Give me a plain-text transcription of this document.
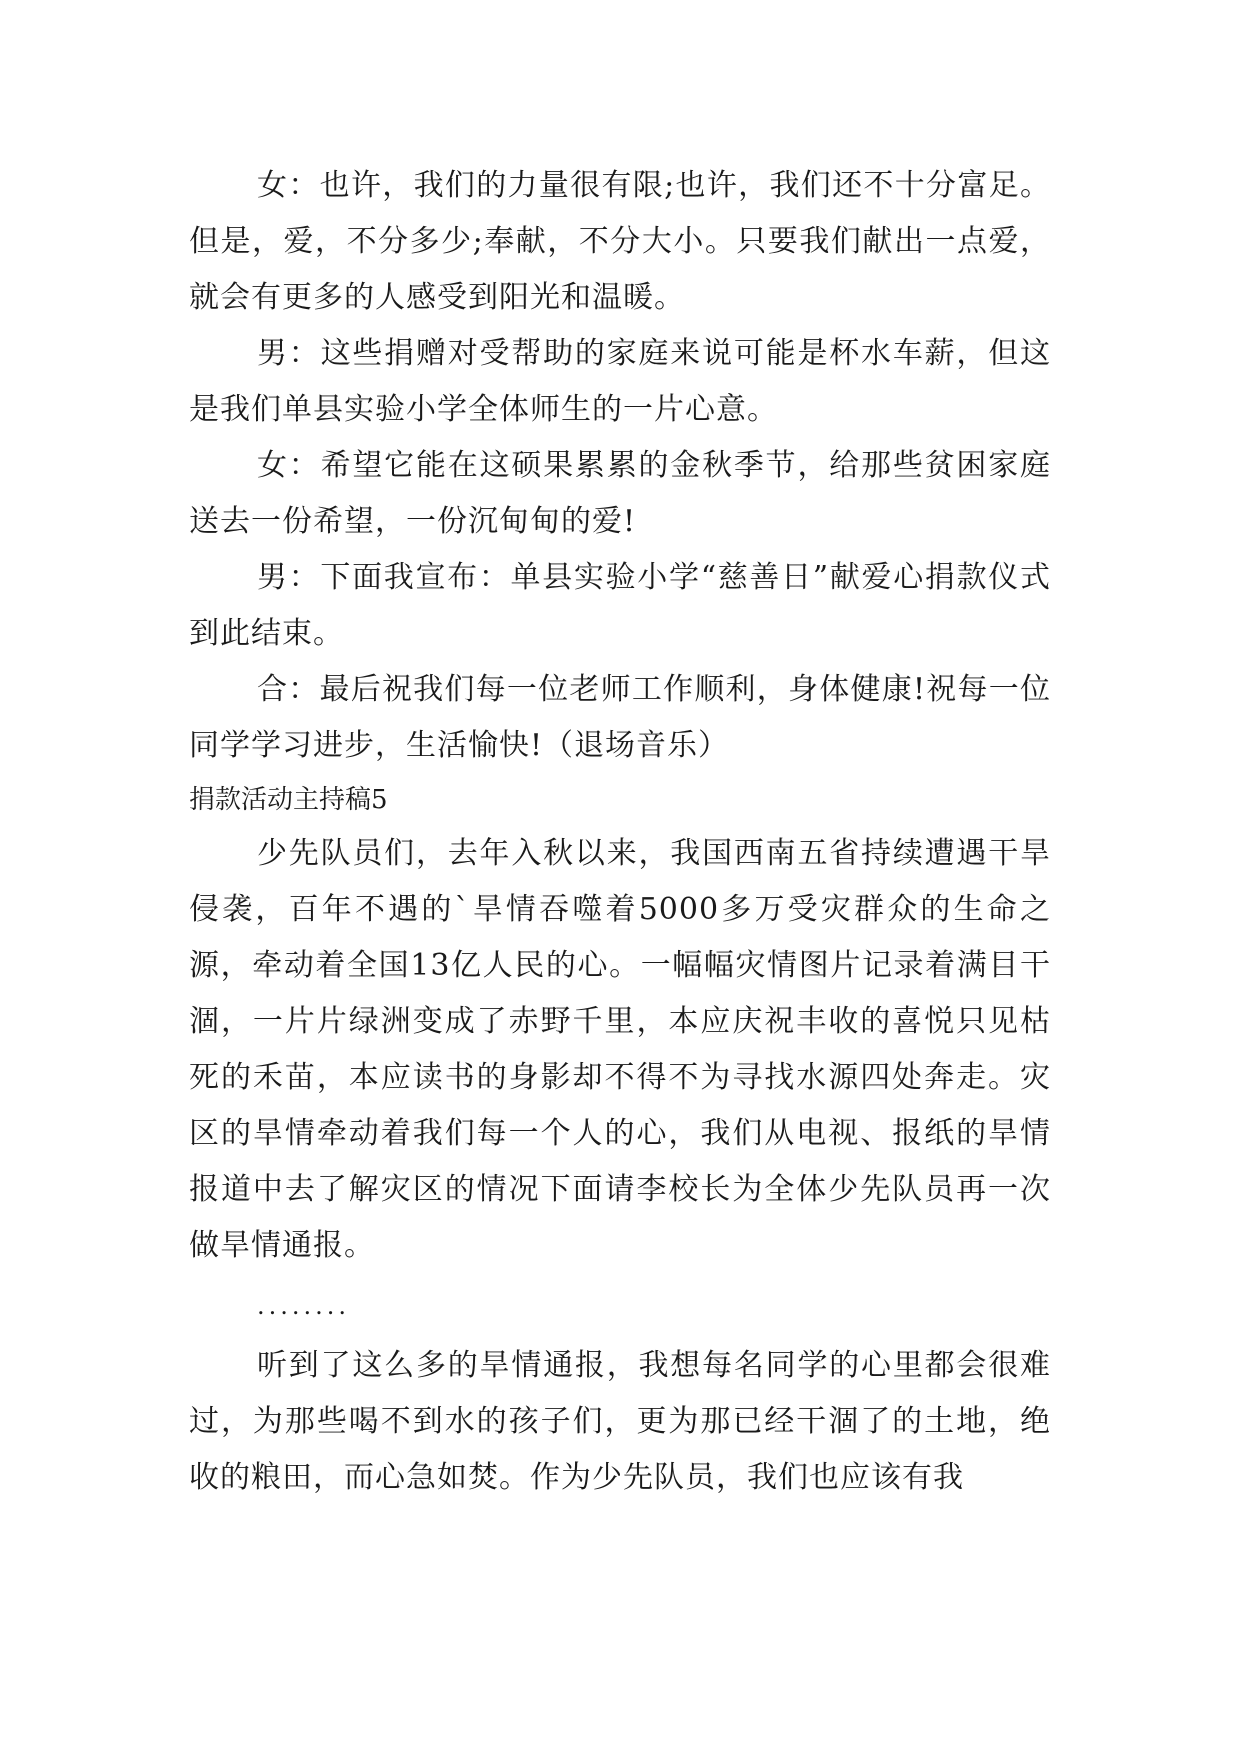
女：也许，我们的力量很有限;也许，我们还不十分富足。但是，爱，不分多少;奉献，不分大小。只要我们献出一点爱，就会有更多的人感受到阳光和温暖。

男：这些捐赠对受帮助的家庭来说可能是杯水车薪，但这是我们单县实验小学全体师生的一片心意。

女：希望它能在这硕果累累的金秋季节，给那些贫困家庭送去一份希望，一份沉甸甸的爱!

男：下面我宣布：单县实验小学“慈善日”献爱心捐款仪式到此结束。

合：最后祝我们每一位老师工作顺利，身体健康!祝每一位同学学习进步，生活愉快!（退场音乐）

捐款活动主持稿5

少先队员们，去年入秋以来，我国西南五省持续遭遇干旱侵袭，百年不遇的`旱情吞噬着5000多万受灾群众的生命之源，牵动着全国13亿人民的心。一幅幅灾情图片记录着满目干涸，一片片绿洲变成了赤野千里，本应庆祝丰收的喜悦只见枯死的禾苗，本应读书的身影却不得不为寻找水源四处奔走。灾区的旱情牵动着我们每一个人的心，我们从电视、报纸的旱情报道中去了解灾区的情况下面请李校长为全体少先队员再一次做旱情通报。

........

听到了这么多的旱情通报，我想每名同学的心里都会很难过，为那些喝不到水的孩子们，更为那已经干涸了的土地，绝收的粮田，而心急如焚。作为少先队员，我们也应该有我
